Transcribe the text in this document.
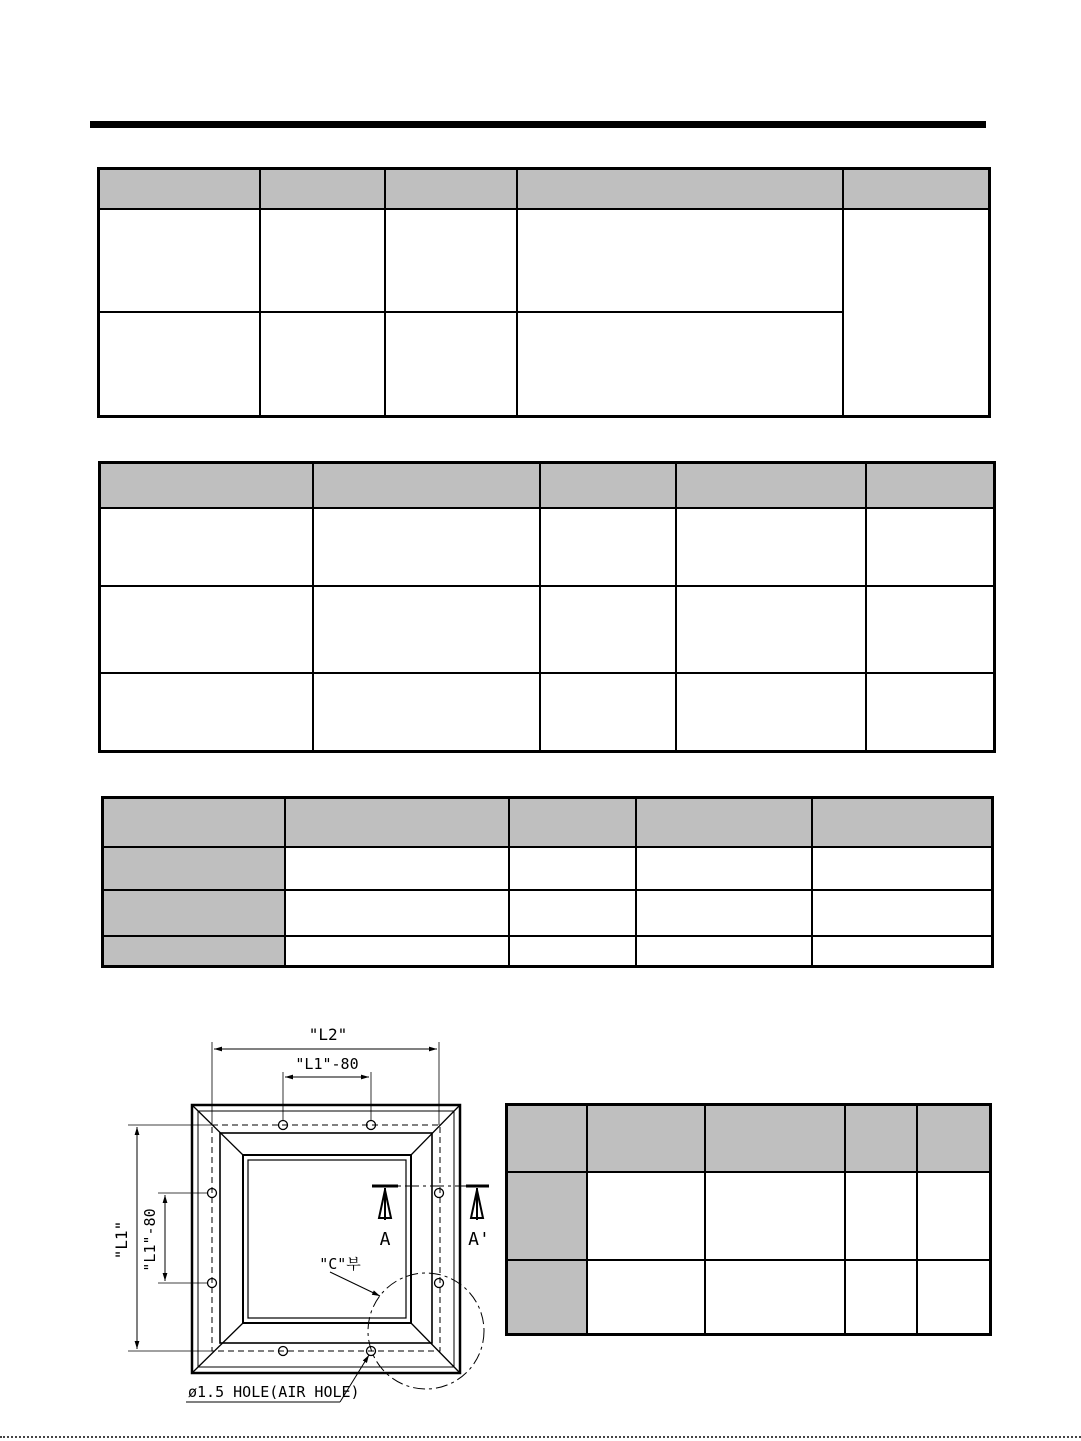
"L2"
"L1"-80
"L1" "L1"-80	A	A'
"C"부
ø1.5 HOLE(AIR HOLE)
